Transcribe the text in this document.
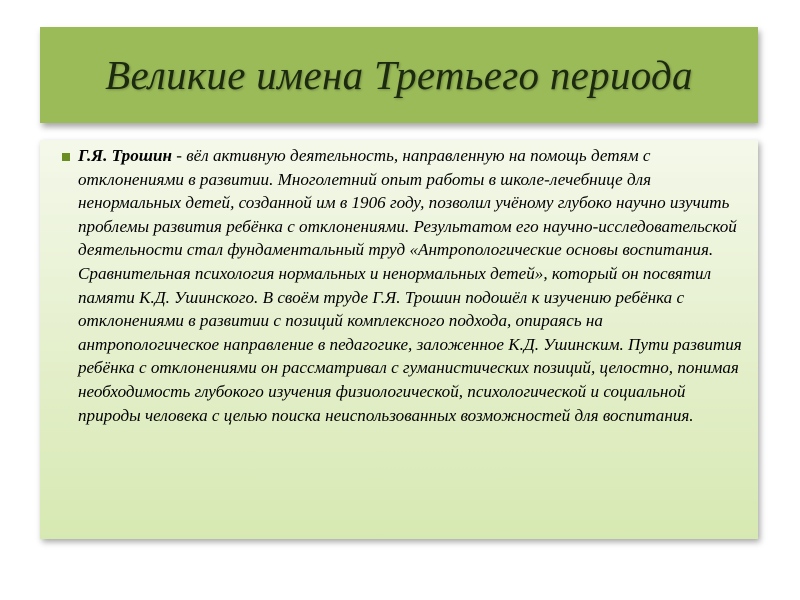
Великие имена Третьего периода

Г.Я. Трошин - вёл активную деятельность, направленную на помощь детям с отклонениями в развитии. Многолетний опыт работы в школе-лечебнице для ненормальных детей, созданной им в 1906 году, позволил учёному глубоко научно изучить проблемы развития ребёнка с отклонениями. Результатом его научно-исследовательской деятельности стал фундаментальный труд «Антропологические основы воспитания. Сравнительная психология нормальных и ненормальных детей», который он посвятил памяти К.Д. Ушинского. В своём труде Г.Я. Трошин подошёл к изучению ребёнка с отклонениями в развитии с позиций комплексного подхода, опираясь на антропологическое направление в педагогике, заложенное К.Д. Ушинским. Пути развития ребёнка с отклонениями он рассматривал с гуманистических позиций, целостно, понимая необходимость глубокого изучения физиологической, психологической и социальной природы человека с целью поиска неиспользованных возможностей для воспитания.
